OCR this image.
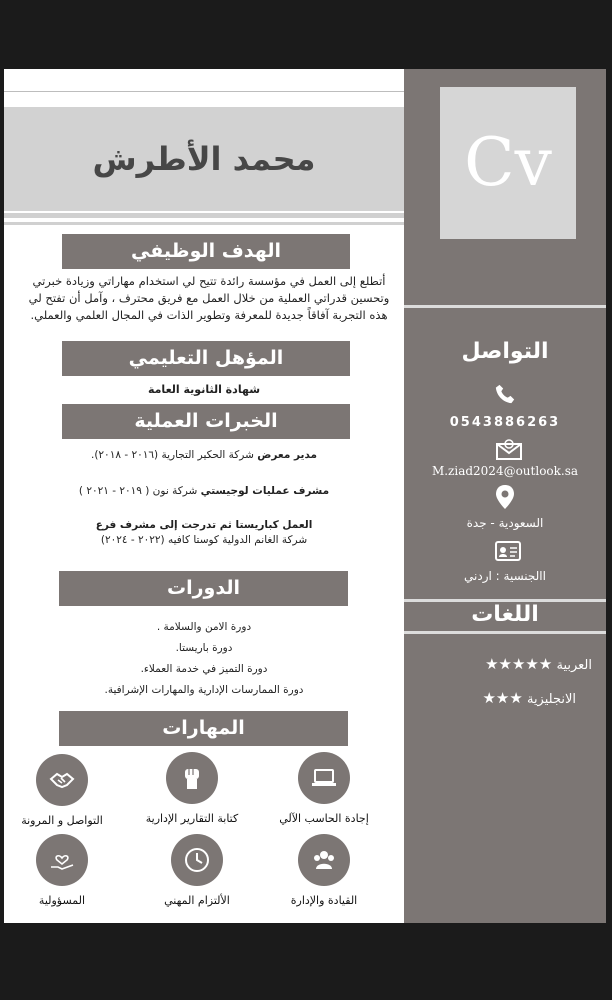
محمد الأطرش
الهدف الوظيفي
أتطلع إلى العمل في مؤسسة رائدة تتيح لي استخدام مهاراتي وزيادة خبرتي
وتحسين قدراتي العملية من خلال العمل مع فريق محترف ، وآمل أن تفتح لي
هذه التجربة آفاقاً جديدة للمعرفة وتطوير الذات في المجال العلمي والعملي.
المؤهل التعليمي
شهادة الثانوية العامة
الخبرات العملية
مدير معرض شركة الحكير التجارية (٢٠١٦ - ٢٠١٨).
مشرف عمليات لوجيستي شركة نون ( ٢٠١٩ - ٢٠٢١ )
العمل كباريستا ثم تدرجت إلى مشرف فرع
شركة الغانم الدولية كوستا كافيه (٢٠٢٢ - ٢٠٢٤)
الدورات
دورة الامن والسلامة .
دورة باريستا.
دورة التميز في خدمة العملاء.
دورة الممارسات الإدارية والمهارات الإشرافية.
المهارات
التواصل و المرونة	كتابة التقارير الإدارية	إجادة الحاسب الآلي
المسؤولية	الألتزام المهني	القيادة والإدارة
Cv
التواصل
0543886263
M.ziad2024@outlook.sa
السعودية - جدة
االجنسية : اردني
اللغات
العربية ★★★★★
الانجليزية ★★★
